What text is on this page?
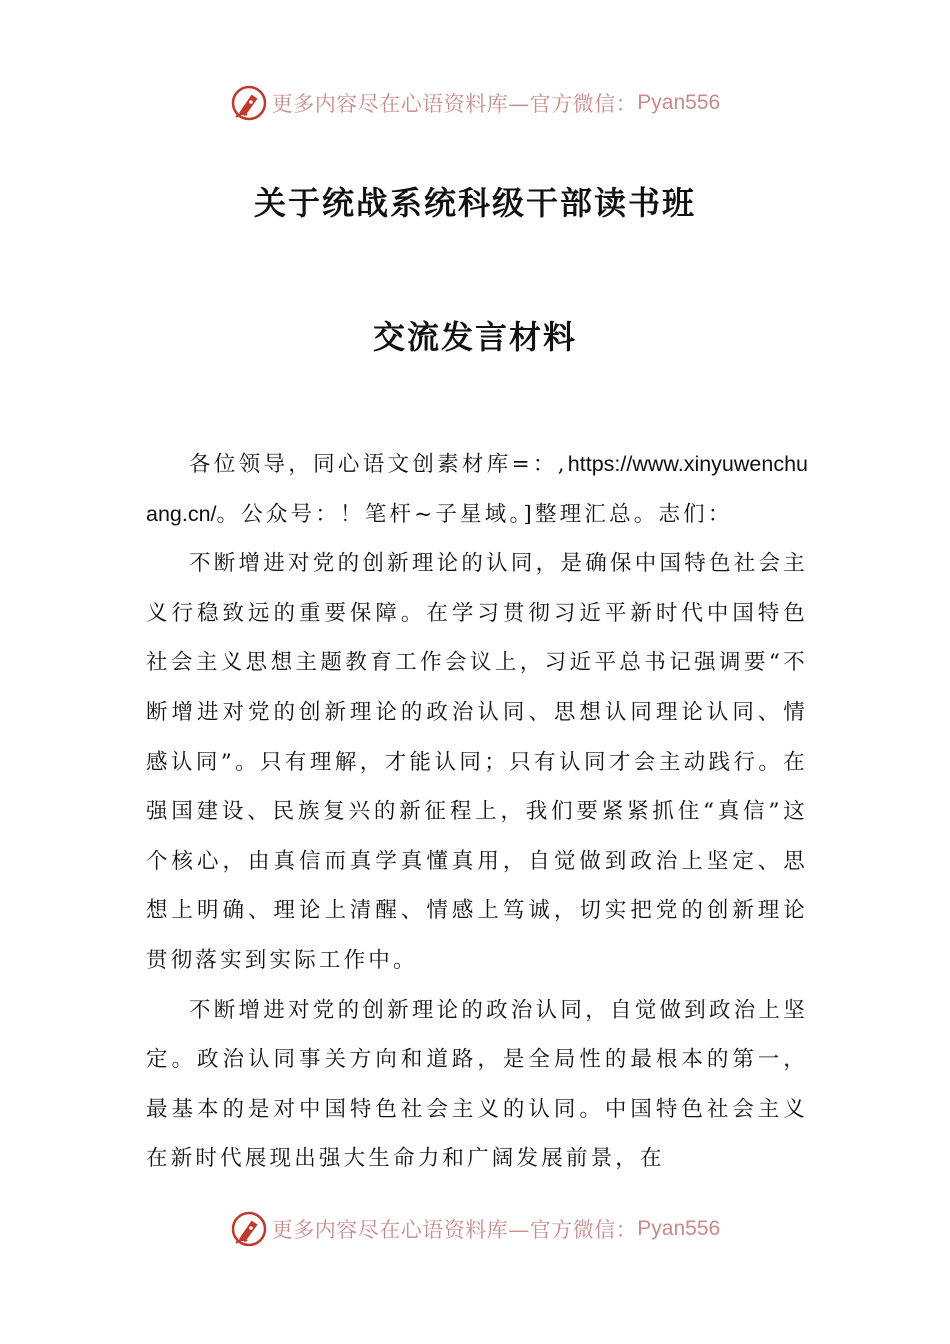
更多内容尽在心语资料库—官方微信： Pyan556
关于统战系统科级干部读书班
交流发言材料

各位领导，同心语文创素材库=：,https://www.xinyuwenchuang.cn/。公众号：！笔杆~子星域。]整理汇总。志们：

不断增进对党的创新理论的认同，是确保中国特色社会主义行稳致远的重要保障。在学习贯彻习近平新时代中国特色社会主义思想主题教育工作会议上，习近平总书记强调要“不断增进对党的创新理论的政治认同、思想认同理论认同、情感认同”。只有理解，才能认同；只有认同才会主动践行。在强国建设、民族复兴的新征程上，我们要紧紧抓住“真信”这个核心，由真信而真学真懂真用，自觉做到政治上坚定、思想上明确、理论上清醒、情感上笃诚，切实把党的创新理论贯彻落实到实际工作中。

不断增进对党的创新理论的政治认同，自觉做到政治上坚定。政治认同事关方向和道路，是全局性的最根本的第一，最基本的是对中国特色社会主义的认同。中国特色社会主义在新时代展现出强大生命力和广阔发展前景，在

更多内容尽在心语资料库—官方微信： Pyan556
